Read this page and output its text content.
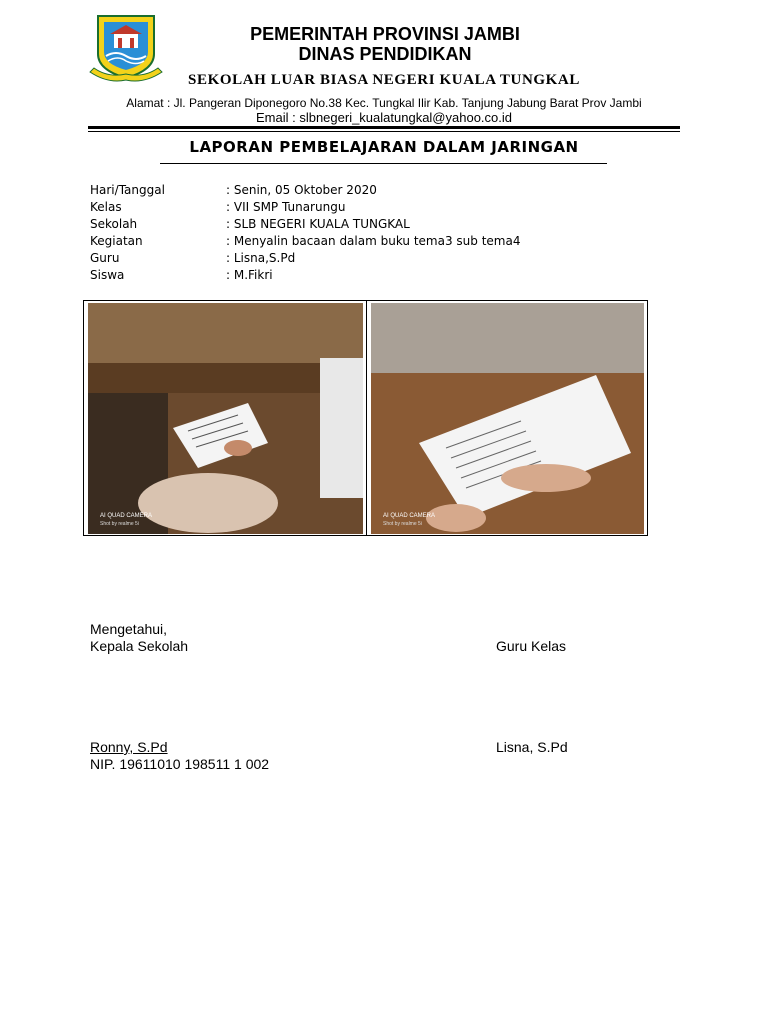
PEMERINTAH PROVINSI JAMBI
DINAS PENDIDIKAN
SEKOLAH LUAR BIASA NEGERI KUALA TUNGKAL
Alamat : Jl. Pangeran Diponegoro No.38 Kec. Tungkal Ilir Kab. Tanjung Jabung Barat Prov Jambi
Email : slbnegeri_kualatungkal@yahoo.co.id
LAPORAN PEMBELAJARAN DALAM JARINGAN
Hari/Tanggal	: Senin, 05 Oktober 2020
Kelas	: VII SMP Tunarungu
Sekolah	: SLB NEGERI KUALA TUNGKAL
Kegiatan	: Menyalin bacaan dalam buku tema3 sub tema4
Guru	: Lisna,S.Pd
Siswa	: M.Fikri
AI QUAD CAMERA
Shot by realme 5i
AI QUAD CAMERA
Shot by realme 5i
Mengetahui,
Kepala Sekolah	Guru Kelas
Ronny, S.Pd	Lisna, S.Pd
NIP. 19611010 198511 1 002
